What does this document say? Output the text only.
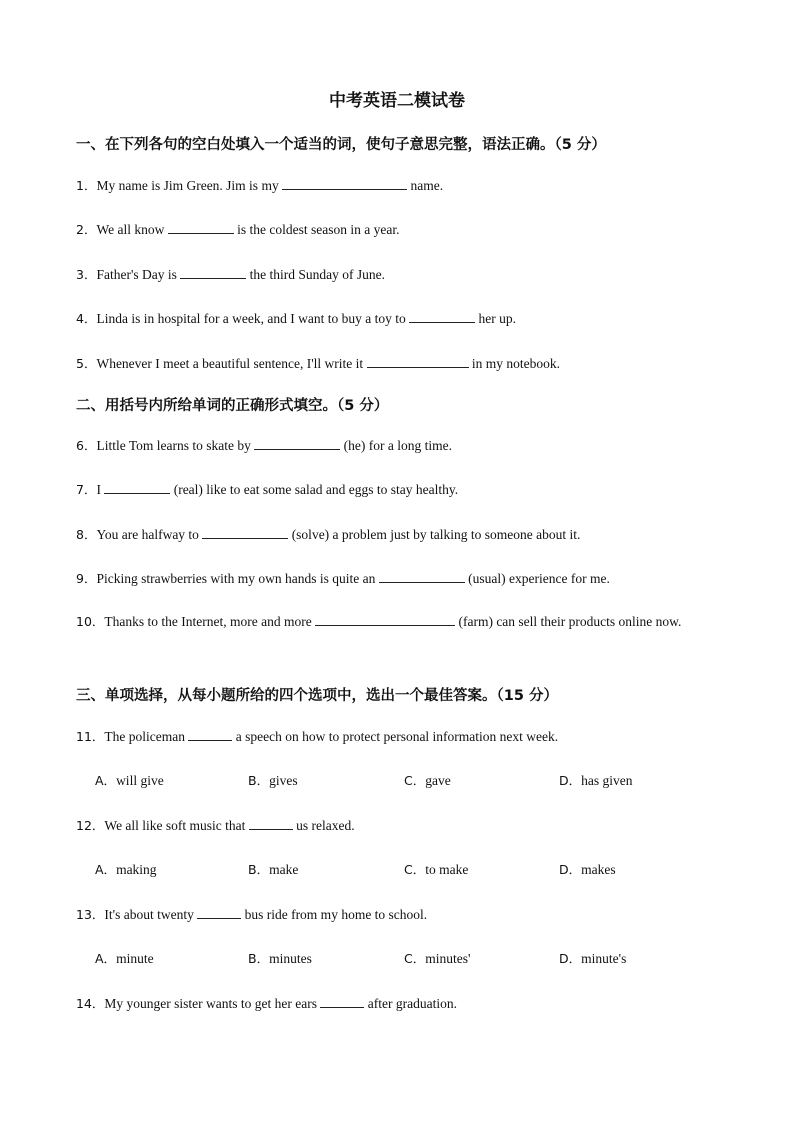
中考英语二模试卷
一、在下列各句的空白处填入一个适当的词，使句子意思完整，语法正确。（5 分）
1．My name is Jim Green. Jim is my	name.
2．We all know	is the coldest season in a year.
3．Father's Day is	the third Sunday of June.
4．Linda is in hospital for a week, and I want to buy a toy to	her up.
5．Whenever I meet a beautiful sentence, I'll write it	in my notebook.
二、用括号内所给单词的正确形式填空。（5 分）
6．Little Tom learns to skate by	(he) for a long time.
7．I	(real) like to eat some salad and eggs to stay healthy.
8．You are halfway to	(solve) a problem just by talking to someone about it.
9．Picking strawberries with my own hands is quite an	(usual) experience for me.
10．Thanks to the Internet, more and more	(farm) can sell their products online now.
三、单项选择，从每小题所给的四个选项中，选出一个最佳答案。（15 分）
11．The policeman	a speech on how to protect personal information next week.
A．will give	B．gives	C．gave	D．has given
12．We all like soft music that	us relaxed.
A．making	B．make	C．to make	D．makes
13．It's about twenty	bus ride from my home to school.
A．minute	B．minutes	C．minutes'	D．minute's
14．My younger sister wants to get her ears	after graduation.
